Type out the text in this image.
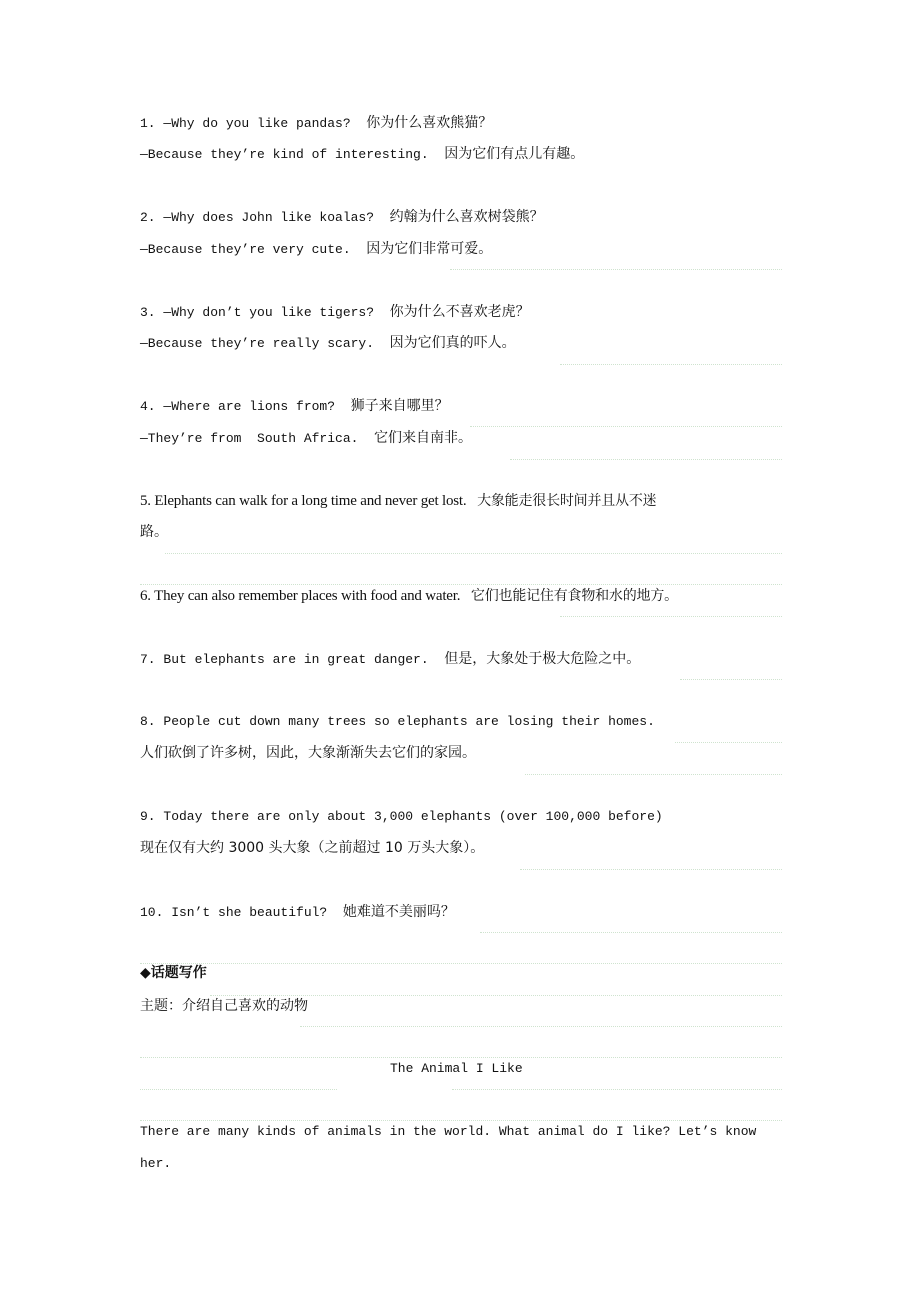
1. —Why do you like pandas? 你为什么喜欢熊猫？
—Because they’re kind of interesting. 因为它们有点儿有趣。
2. —Why does John like koalas? 约翰为什么喜欢树袋熊？
—Because they’re very cute. 因为它们非常可爱。
3. —Why don’t you like tigers? 你为什么不喜欢老虎？
—Because they’re really scary. 因为它们真的吓人。
4. —Where are lions from? 狮子来自哪里？
—They’re from  South Africa. 它们来自南非。
5. Elephants can walk for a long time and never get lost. 大象能走很长时间并且从不迷
路。
6. They can also remember places with food and water. 它们也能记住有食物和水的地方。
7. But elephants are in great danger. 但是，大象处于极大危险之中。
8. People cut down many trees so elephants are losing their homes.
人们砍倒了许多树，因此，大象渐渐失去它们的家园。
9. Today there are only about 3,000 elephants (over 100,000 before)
现在仅有大约 3000 头大象（之前超过 10 万头大象）。
10. Isn’t she beautiful? 她难道不美丽吗？
◆话题写作
主题：介绍自己喜欢的动物
The Animal I Like
There are many kinds of animals in the world. What animal do I like? Let’s know
her.
